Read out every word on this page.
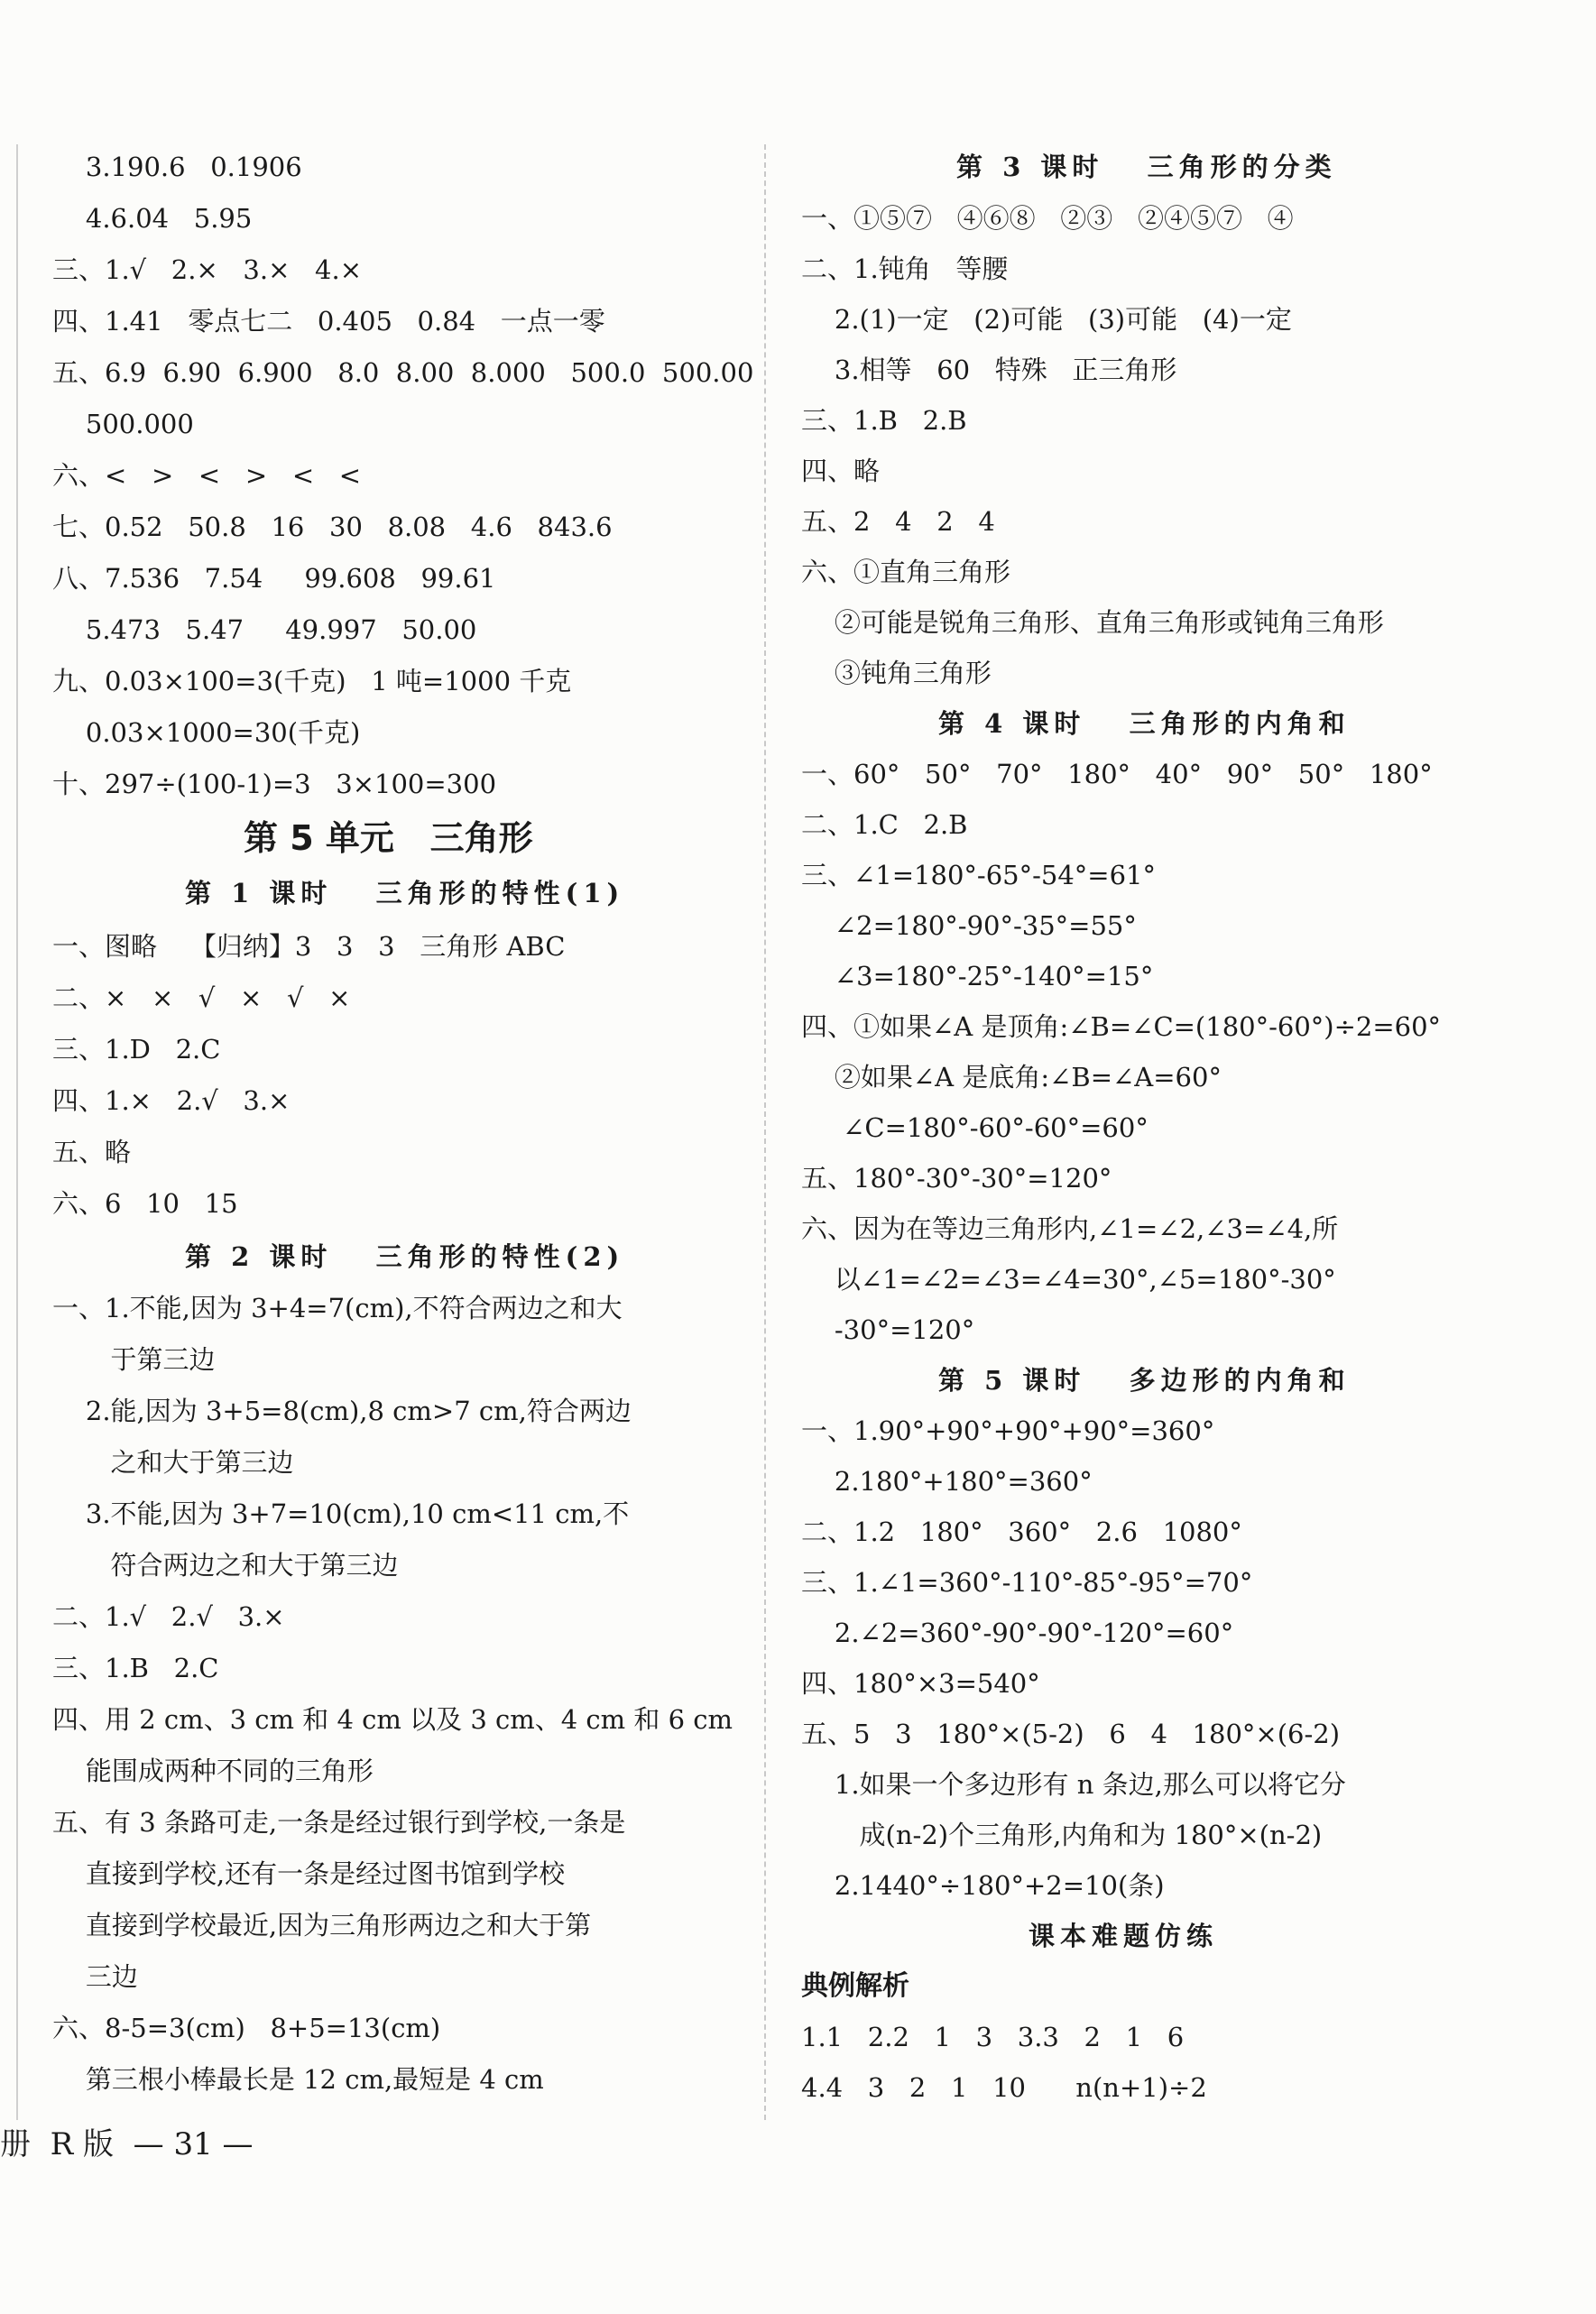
3.190.6   0.1906
4.6.04   5.95
三、1.√   2.×   3.×   4.×
四、1.41   零点七二   0.405   0.84   一点一零
五、6.9  6.90  6.900   8.0  8.00  8.000   500.0  500.00
500.000
六、<   >   <   >   <   <
七、0.52   50.8   16   30   8.08   4.6   843.6
八、7.536   7.54     99.608   99.61
5.473   5.47     49.997   50.00
九、0.03×100=3(千克)   1 吨=1000 千克
0.03×1000=30(千克)
十、297÷(100-1)=3   3×100=300
第 5 单元   三角形
第 1 课时   三角形的特性(1)
一、图略    【归纳】3   3   3   三角形 ABC
二、×   ×   √   ×   √   ×
三、1.D   2.C
四、1.×   2.√   3.×
五、略
六、6   10   15
第 2 课时   三角形的特性(2)
一、1.不能,因为 3+4=7(cm),不符合两边之和大
于第三边
2.能,因为 3+5=8(cm),8 cm>7 cm,符合两边
之和大于第三边
3.不能,因为 3+7=10(cm),10 cm<11 cm,不
符合两边之和大于第三边
二、1.√   2.√   3.×
三、1.B   2.C
四、用 2 cm、3 cm 和 4 cm 以及 3 cm、4 cm 和 6 cm
能围成两种不同的三角形
五、有 3 条路可走,一条是经过银行到学校,一条是
直接到学校,还有一条是经过图书馆到学校
直接到学校最近,因为三角形两边之和大于第
三边
六、8-5=3(cm)   8+5=13(cm)
第三根小棒最长是 12 cm,最短是 4 cm
第 3 课时   三角形的分类
一、①⑤⑦   ④⑥⑧   ②③   ②④⑤⑦   ④
二、1.钝角   等腰
2.(1)一定   (2)可能   (3)可能   (4)一定
3.相等   60   特殊   正三角形
三、1.B   2.B
四、略
五、2   4   2   4
六、①直角三角形
②可能是锐角三角形、直角三角形或钝角三角形
③钝角三角形
第 4 课时   三角形的内角和
一、60°   50°   70°   180°   40°   90°   50°   180°
二、1.C   2.B
三、∠1=180°-65°-54°=61°
∠2=180°-90°-35°=55°
∠3=180°-25°-140°=15°
四、①如果∠A 是顶角:∠B=∠C=(180°-60°)÷2=60°
②如果∠A 是底角:∠B=∠A=60°
∠C=180°-60°-60°=60°
五、180°-30°-30°=120°
六、因为在等边三角形内,∠1=∠2,∠3=∠4,所
以∠1=∠2=∠3=∠4=30°,∠5=180°-30°
-30°=120°
第 5 课时   多边形的内角和
一、1.90°+90°+90°+90°=360°
2.180°+180°=360°
二、1.2   180°   360°   2.6   1080°
三、1.∠1=360°-110°-85°-95°=70°
2.∠2=360°-90°-90°-120°=60°
四、180°×3=540°
五、5   3   180°×(5-2)   6   4   180°×(6-2)
1.如果一个多边形有 n 条边,那么可以将它分
成(n-2)个三角形,内角和为 180°×(n-2)
2.1440°÷180°+2=10(条)
课本难题仿练
典例解析
1.1   2.2   1   3   3.3   2   1   6
4.4   3   2   1   10      n(n+1)÷2
册  R 版  — 31 —
